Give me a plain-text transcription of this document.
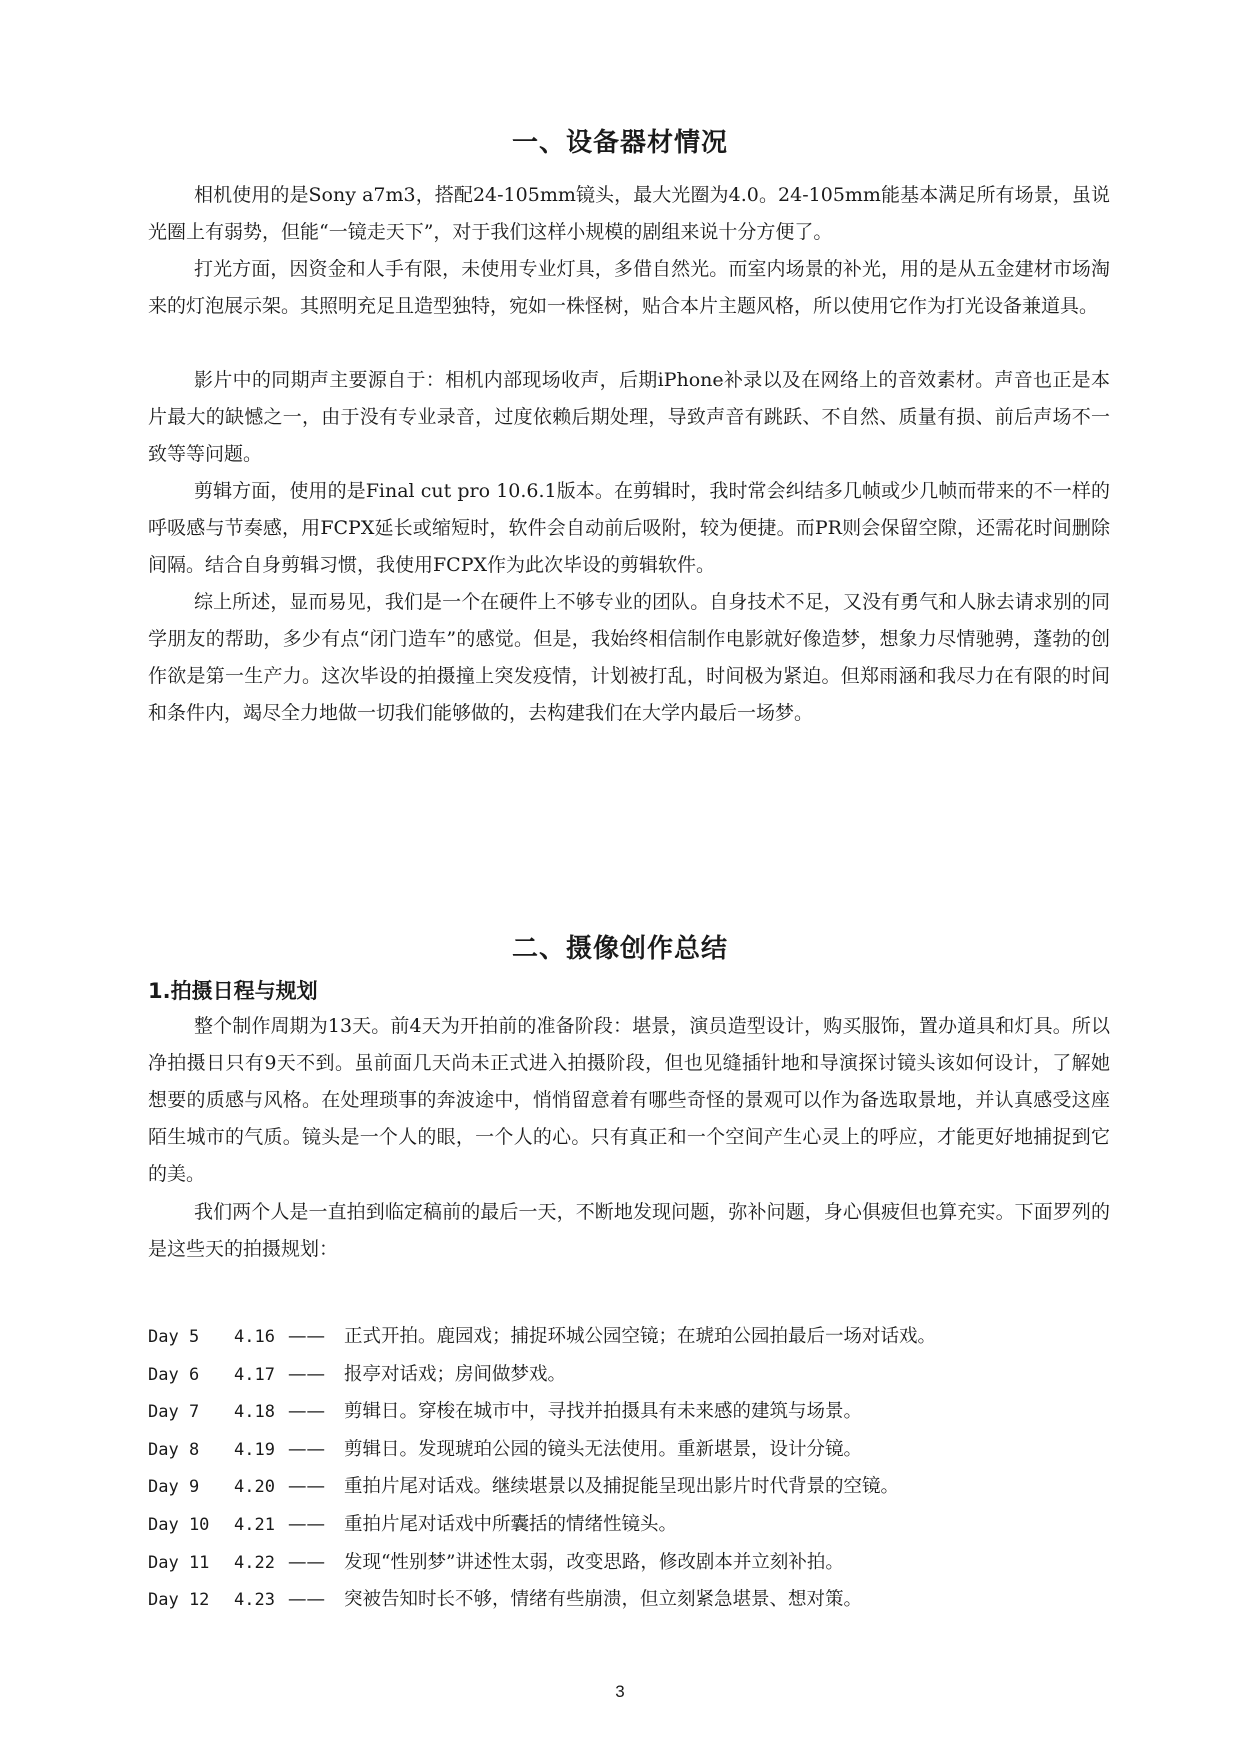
一、设备器材情况

相机使用的是Sony a7m3，搭配24-105mm镜头，最大光圈为4.0。24-105mm能基本满足所有场景，虽说光圈上有弱势，但能“一镜走天下”，对于我们这样小规模的剧组来说十分方便了。

打光方面，因资金和人手有限，未使用专业灯具，多借自然光。而室内场景的补光，用的是从五金建材市场淘来的灯泡展示架。其照明充足且造型独特，宛如一株怪树，贴合本片主题风格，所以使用它作为打光设备兼道具。

影片中的同期声主要源自于：相机内部现场收声，后期iPhone补录以及在网络上的音效素材。声音也正是本片最大的缺憾之一，由于没有专业录音，过度依赖后期处理，导致声音有跳跃、不自然、质量有损、前后声场不一致等等问题。

剪辑方面，使用的是Final cut pro 10.6.1版本。在剪辑时，我时常会纠结多几帧或少几帧而带来的不一样的呼吸感与节奏感，用FCPX延长或缩短时，软件会自动前后吸附，较为便捷。而PR则会保留空隙，还需花时间删除间隔。结合自身剪辑习惯，我使用FCPX作为此次毕设的剪辑软件。

综上所述，显而易见，我们是一个在硬件上不够专业的团队。自身技术不足，又没有勇气和人脉去请求别的同学朋友的帮助，多少有点“闭门造车”的感觉。但是，我始终相信制作电影就好像造梦，想象力尽情驰骋，蓬勃的创作欲是第一生产力。这次毕设的拍摄撞上突发疫情，计划被打乱，时间极为紧迫。但郑雨涵和我尽力在有限的时间和条件内，竭尽全力地做一切我们能够做的，去构建我们在大学内最后一场梦。

二、摄像创作总结
1.拍摄日程与规划

整个制作周期为13天。前4天为开拍前的准备阶段：堪景，演员造型设计，购买服饰，置办道具和灯具。所以净拍摄日只有9天不到。虽前面几天尚未正式进入拍摄阶段，但也见缝插针地和导演探讨镜头该如何设计，了解她想要的质感与风格。在处理琐事的奔波途中，悄悄留意着有哪些奇怪的景观可以作为备选取景地，并认真感受这座陌生城市的气质。镜头是一个人的眼，一个人的心。只有真正和一个空间产生心灵上的呼应，才能更好地捕捉到它的美。

我们两个人是一直拍到临定稿前的最后一天，不断地发现问题，弥补问题，身心俱疲但也算充实。下面罗列的是这些天的拍摄规划：

Day 5 4.16 —— 正式开拍。鹿园戏；捕捉环城公园空镜；在琥珀公园拍最后一场对话戏。
Day 6 4.17 —— 报亭对话戏；房间做梦戏。
Day 7 4.18 —— 剪辑日。穿梭在城市中，寻找并拍摄具有未来感的建筑与场景。
Day 8 4.19 —— 剪辑日。发现琥珀公园的镜头无法使用。重新堪景，设计分镜。
Day 9 4.20 —— 重拍片尾对话戏。继续堪景以及捕捉能呈现出影片时代背景的空镜。
Day 10 4.21 —— 重拍片尾对话戏中所囊括的情绪性镜头。
Day 11 4.22 —— 发现“性别梦”讲述性太弱，改变思路，修改剧本并立刻补拍。
Day 12 4.23 —— 突被告知时长不够，情绪有些崩溃，但立刻紧急堪景、想对策。
3
